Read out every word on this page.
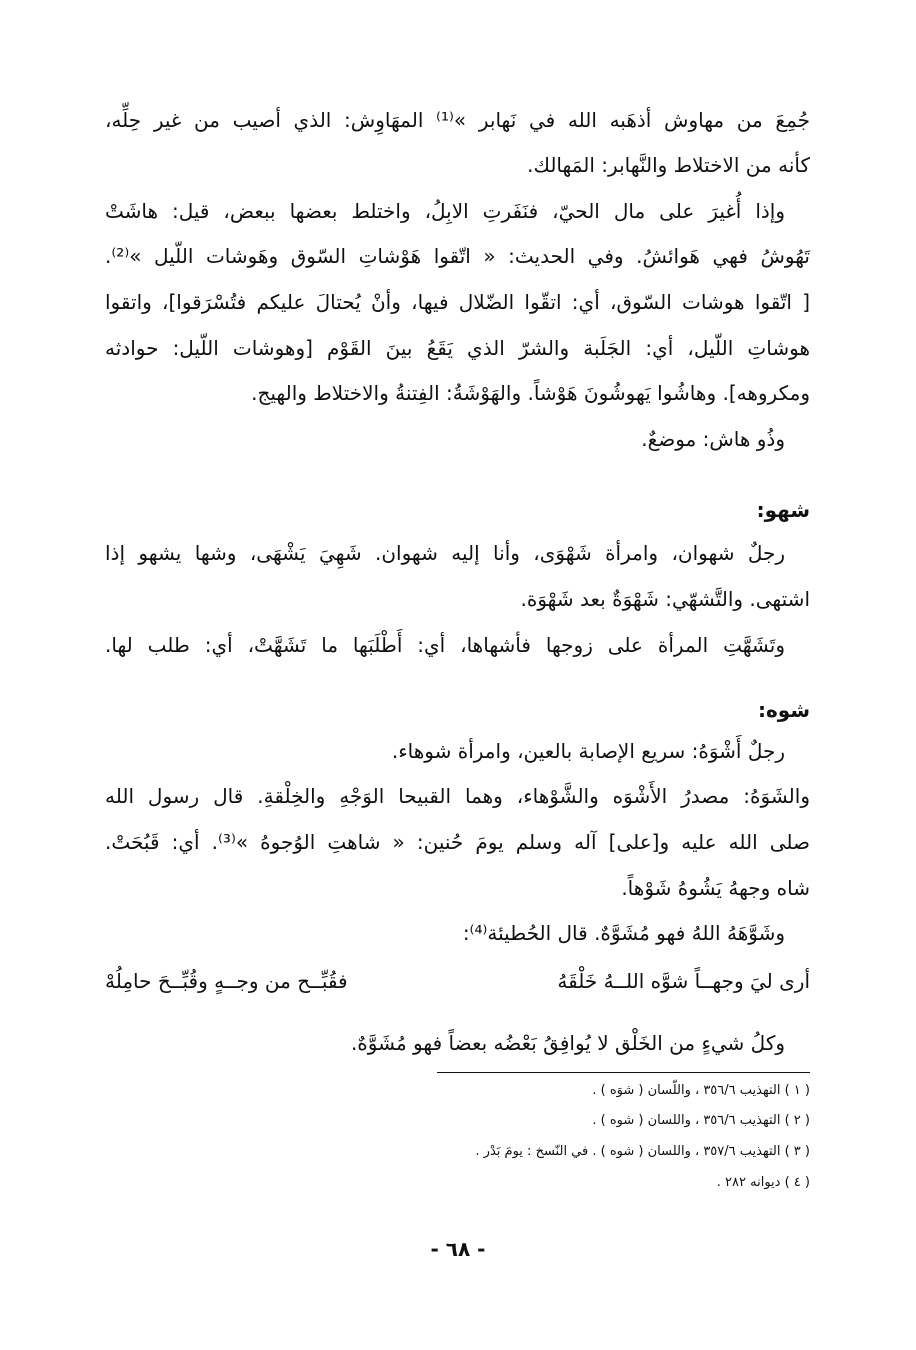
جُمِعَ من مهاوش أذهَبه الله في نَهابر »⁽¹⁾ المهَاوِش: الذي أصيب من غير حِلِّه،
كأنه من الاختلاط والنَّهابر: المَهالك.
وإذا أُغيرَ على مال الحيّ، فنَفَرتِ الابِلُ، واختلط بعضها ببعض، قيل: هاشَتْ
تَهُوشُ فهي هَوائشُ. وفي الحديث: « اتّقوا هَوْشاتِ السّوق وهَوشات اللّيل »⁽²⁾.
[ اتّقوا هوشات السّوق، أي: اتقّوا الضّلال فيها، وأنْ يُحتالَ عليكم فتُسْرَقوا]، واتقوا
هوشاتِ اللّيل، أي: الجَلَبة والشرّ الذي يَقَعُ بينَ القَوْم [وهوشات اللّيل: حوادثه
ومكروهه]. وهاشُوا يَهوشُونَ هَوْشاً. والهَوْشَةُ: الفِتنةُ والاختلاط والهيج.
وذُو هاش: موضعٌ.
شهو:
رجلٌ شهوان، وامرأة شَهْوَى، وأنا إليه شهوان. شَهِيَ يَشْهَى، وشها يشهو إذا
اشتهى. والتَّشهّي: شَهْوَةٌ بعد شَهْوَة.
وتَشَهَّتِ المرأة على زوجها فأشهاها، أي: أَطْلَبَها ما تَشَهَّتْ، أي: طلب لها.
شوه:
رجلٌ أَشْوَهُ: سريع الإصابة بالعين، وامرأة شوهاء.
والشَوَهُ: مصدرُ الأَشْوَه والشَّوْهاء، وهما القبيحا الوَجْهِ والخِلْقةِ. قال رسول الله
صلى الله عليه و[على] آله وسلم يومَ حُنين: « شاهتِ الوُجوهُ »⁽³⁾. أي: قَبُحَتْ.
شاه وجههُ يَشُوهُ شَوْهاً.
وشَوَّهَهُ اللهُ فهو مُشَوَّهٌ. قال الحُطيئة⁽⁴⁾:
أرى ليَ وجهــاً شوَّه اللــهُ خَلْقَهُ
فقُبِّــح من وجــهٍ وقُبِّــحَ حامِلُهْ
وكلُ شيءٍ من الخَلْق لا يُوافِقُ بَعْضُه بعضاً فهو مُشَوَّهٌ.
( ١ ) التهذيب ٣٥٦/٦ ، واللّسان ( شوَه ) .
( ٢ ) التهذيب ٣٥٦/٦ ، واللسان ( شوه ) .
( ٣ ) التهذيب ٣٥٧/٦ ، واللسان ( شوه ) . في النّسخ : يومَ بَدْر .
( ٤ ) ديوانه ٢٨٢ .
- ٦٨ -
